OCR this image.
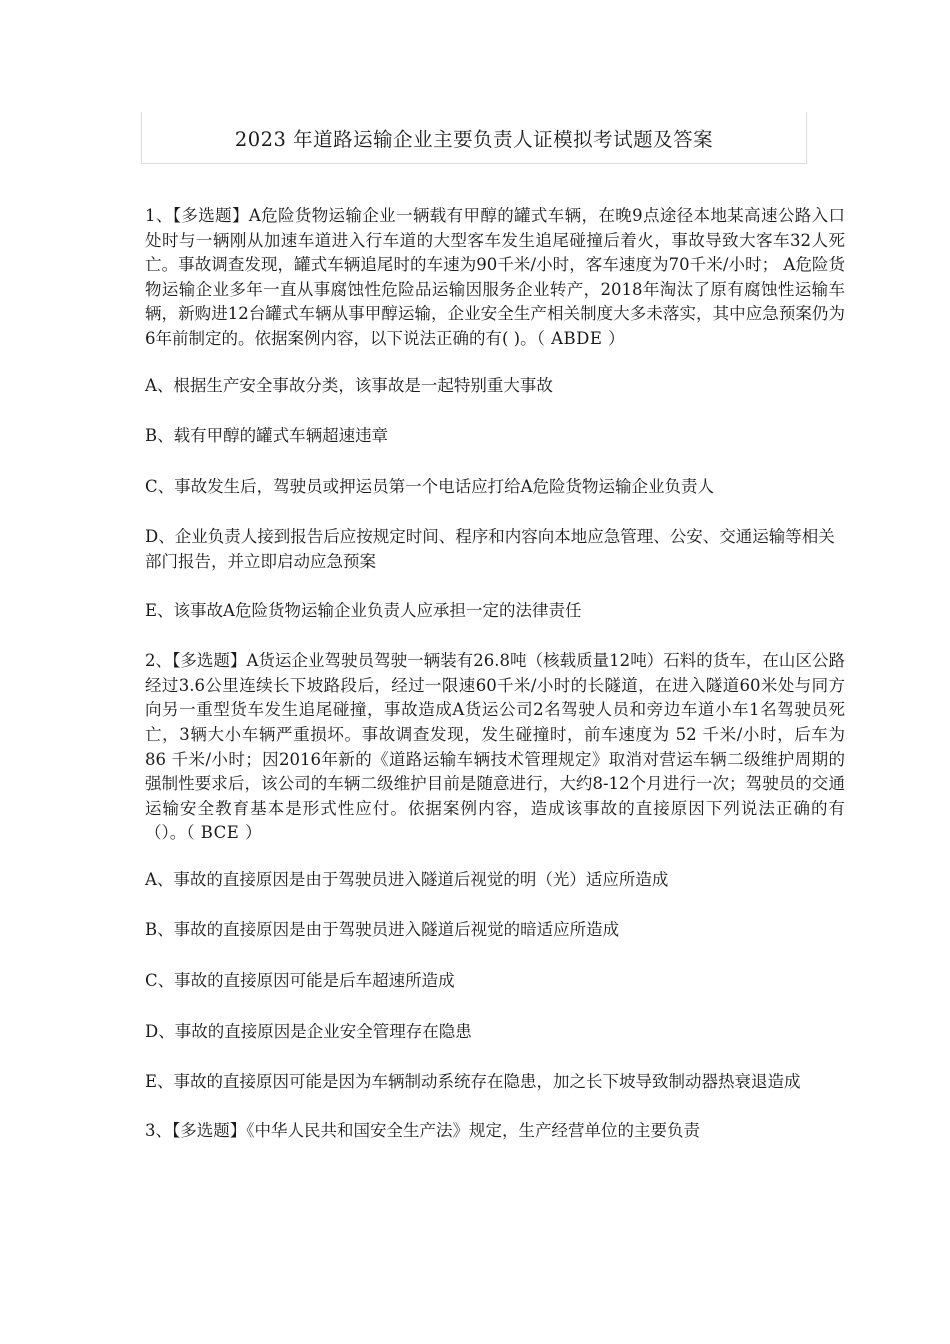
2023 年道路运输企业主要负责人证模拟考试题及答案
1、【多选题】A危险货物运输企业一辆载有甲醇的罐式车辆，在晚9点途径本地某高速公路入口处时与一辆刚从加速车道进入行车道的大型客车发生追尾碰撞后着火，事故导致大客车32人死亡。事故调查发现，罐式车辆追尾时的车速为90千米/小时，客车速度为70千米/小时； A危险货物运输企业多年一直从事腐蚀性危险品运输因服务企业转产，2018年淘汰了原有腐蚀性运输车辆，新购进12台罐式车辆从事甲醇运输，企业安全生产相关制度大多未落实，其中应急预案仍为6年前制定的。依据案例内容，以下说法正确的有( )。（ ABDE ）
A、根据生产安全事故分类，该事故是一起特别重大事故
B、载有甲醇的罐式车辆超速违章
C、事故发生后，驾驶员或押运员第一个电话应打给A危险货物运输企业负责人
D、企业负责人接到报告后应按规定时间、程序和内容向本地应急管理、公安、交通运输等相关部门报告，并立即启动应急预案
E、该事故A危险货物运输企业负责人应承担一定的法律责任
2、【多选题】A货运企业驾驶员驾驶一辆装有26.8吨（核载质量12吨）石料的货车，在山区公路经过3.6公里连续长下坡路段后，经过一限速60千米/小时的长隧道，在进入隧道60米处与同方向另一重型货车发生追尾碰撞，事故造成A货运公司2名驾驶人员和旁边车道小车1名驾驶员死亡，3辆大小车辆严重损坏。事故调查发现，发生碰撞时，前车速度为 52 千米/小时，后车为 86 千米/小时；因2016年新的《道路运输车辆技术管理规定》取消对营运车辆二级维护周期的强制性要求后，该公司的车辆二级维护目前是随意进行，大约8-12个月进行一次；驾驶员的交通运输安全教育基本是形式性应付。依据案例内容，造成该事故的直接原因下列说法正确的有（）。（ BCE ）
A、事故的直接原因是由于驾驶员进入隧道后视觉的明（光）适应所造成
B、事故的直接原因是由于驾驶员进入隧道后视觉的暗适应所造成
C、事故的直接原因可能是后车超速所造成
D、事故的直接原因是企业安全管理存在隐患
E、事故的直接原因可能是因为车辆制动系统存在隐患，加之长下坡导致制动器热衰退造成
3、【多选题】《中华人民共和国安全生产法》规定，生产经营单位的主要负责
